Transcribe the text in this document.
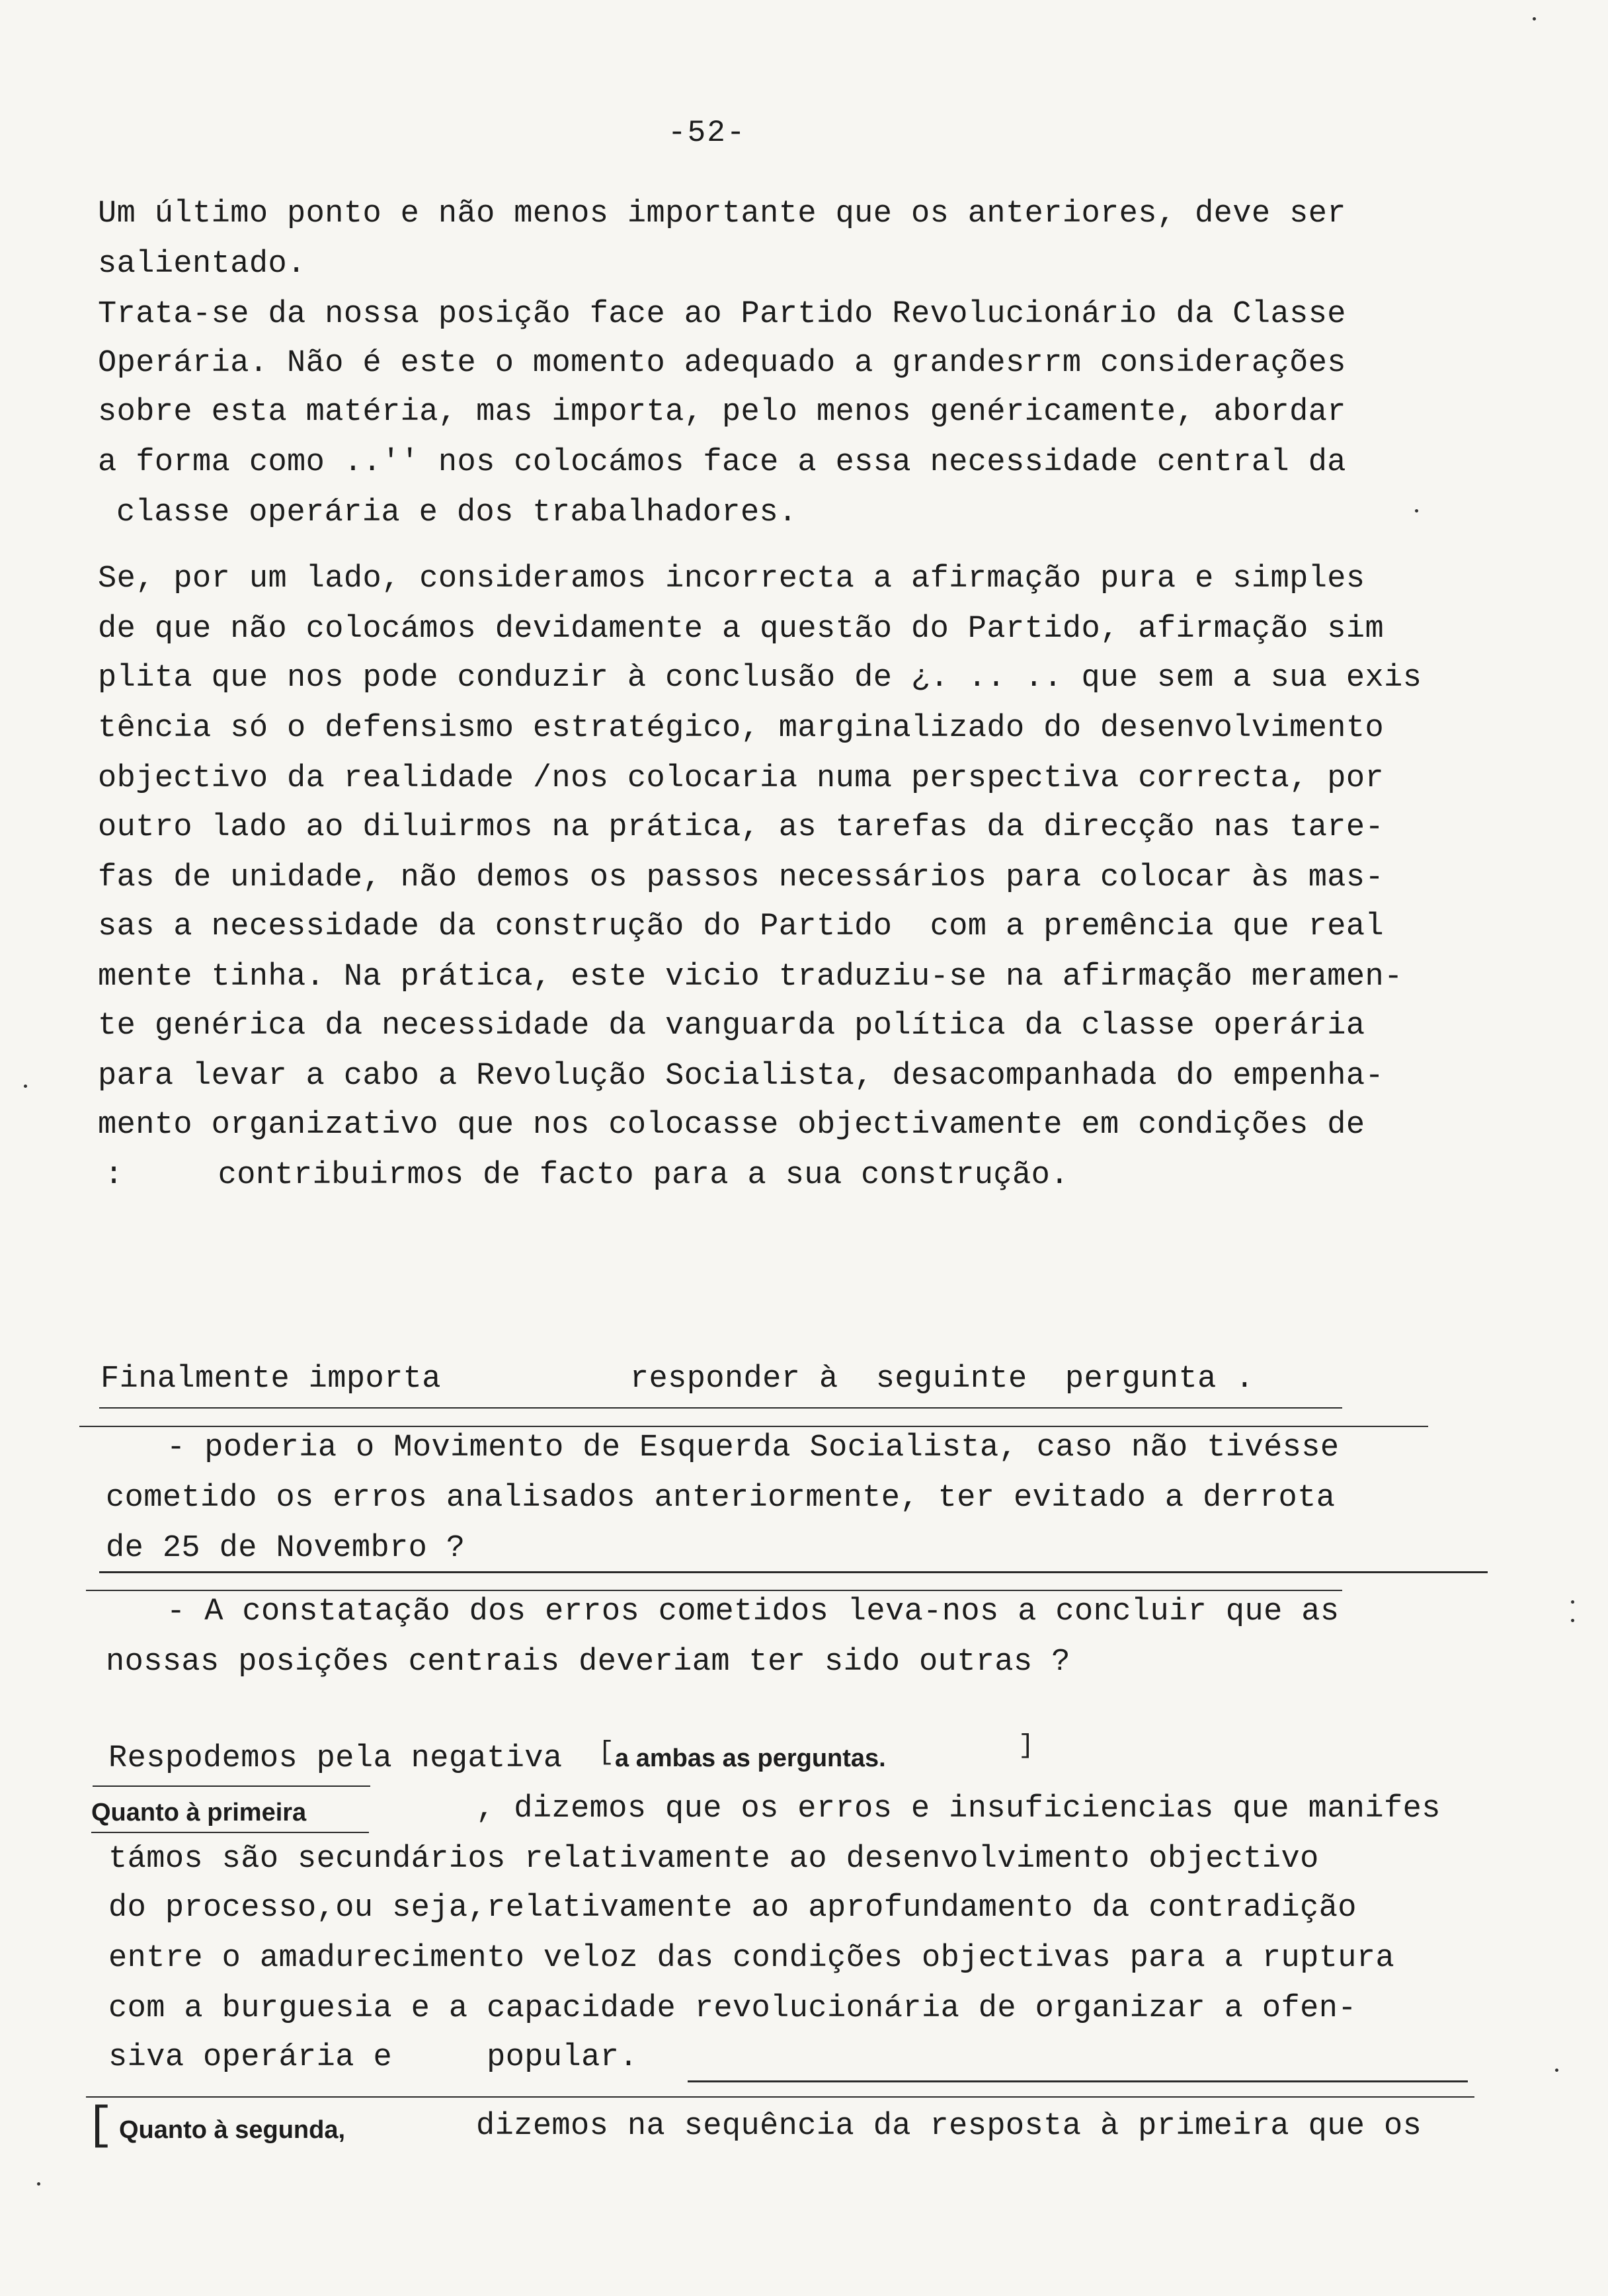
-52-
Um último ponto e não menos importante que os anteriores, deve ser
salientado.
Trata-se da nossa posição face ao Partido Revolucionário da Classe
Operária. Não é este o momento adequado a grandesrrm considerações
sobre esta matéria, mas importa, pelo menos genéricamente, abordar
a forma como ..'' nos colocámos face a essa necessidade central da
classe operária e dos trabalhadores.
Se, por um lado, consideramos incorrecta a afirmação pura e simples
de que não colocámos devidamente a questão do Partido, afirmação sim
plita que nos pode conduzir à conclusão de ¿. .. .. que sem a sua exis
tência só o defensismo estratégico, marginalizado do desenvolvimento
objectivo da realidade /nos colocaria numa perspectiva correcta, por
outro lado ao diluirmos na prática, as tarefas da direcção nas tare-
fas de unidade, não demos os passos necessários para colocar às mas-
sas a necessidade da construção do Partido  com a premência que real
mente tinha. Na prática, este vicio traduziu-se na afirmação meramen-
te genérica da necessidade da vanguarda política da classe operária
para levar a cabo a Revolução Socialista, desacompanhada do empenha-
mento organizativo que nos colocasse objectivamente em condições de
:     contribuirmos de facto para a sua construção.
Finalmente importa          responder à  seguinte  pergunta .
- poderia o Movimento de Esquerda Socialista, caso não tivésse
cometido os erros analisados anteriormente, ter evitado a derrota
de 25 de Novembro ?
- A constatação dos erros cometidos leva-nos a concluir que as
nossas posições centrais deveriam ter sido outras ?
Respodemos pela negativa a ambas as perguntas.
[	]
Quanto à primeira	, dizemos que os erros e insuficiencias que manifes
támos são secundários relativamente ao desenvolvimento objectivo
do processo,ou seja,relativamente ao aprofundamento da contradição
entre o amadurecimento veloz das condições objectivas para a ruptura
com a burguesia e a capacidade revolucionária de organizar a ofen-
siva operária e     popular.
[ Quanto à segunda,	dizemos na sequência da resposta à primeira que os
